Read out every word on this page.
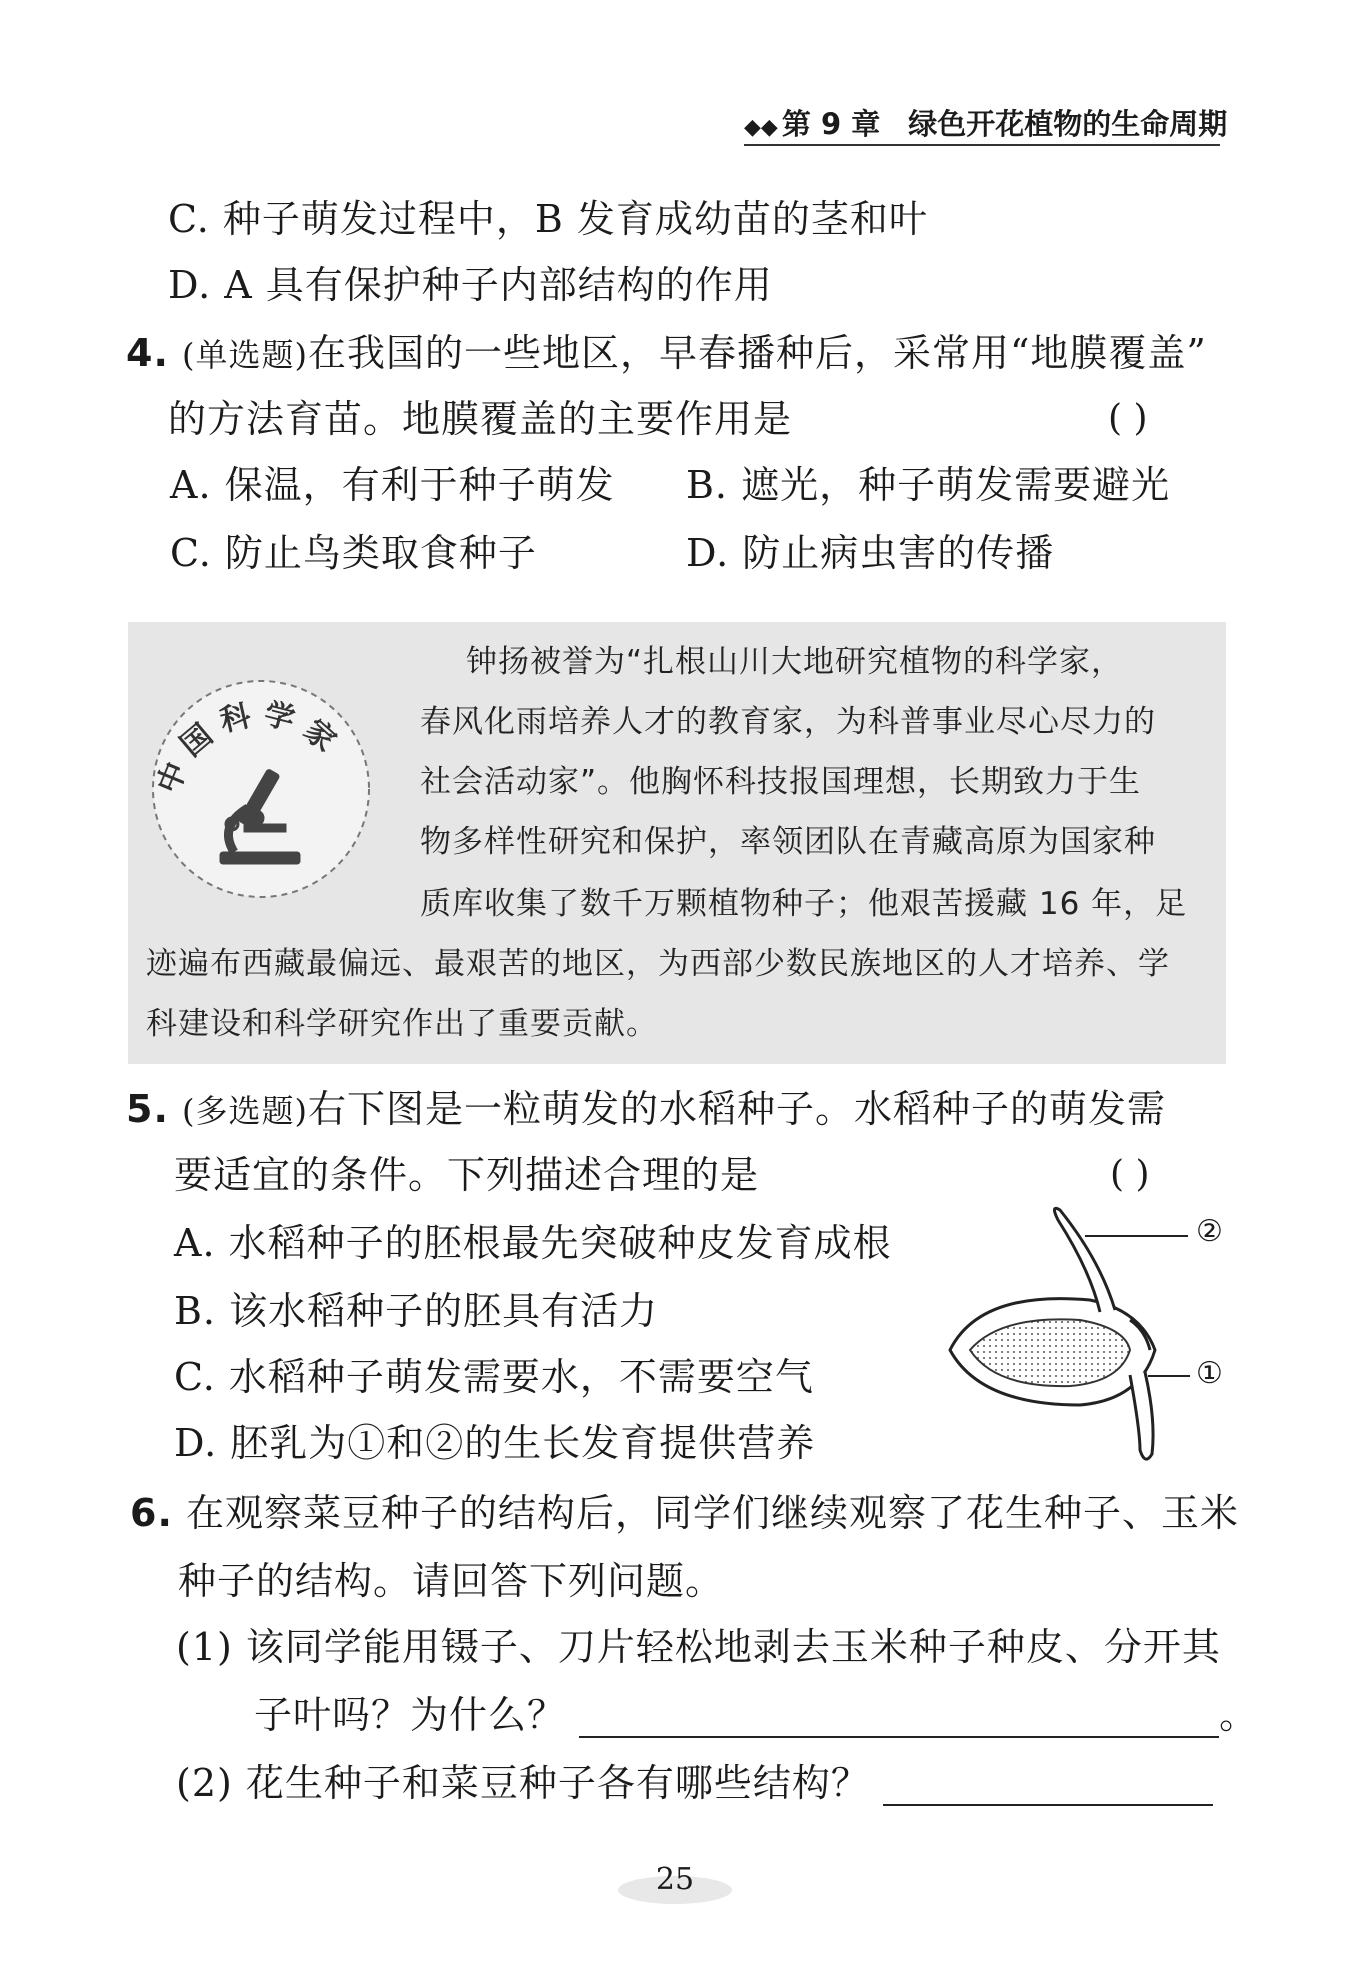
◆◆ 第 9 章 绿色开花植物的生命周期
C. 种子萌发过程中，B 发育成幼苗的茎和叶
D. A 具有保护种子内部结构的作用
4. (单选题)在我国的一些地区，早春播种后，采常用“地膜覆盖”
的方法育苗。地膜覆盖的主要作用是	( )
A. 保温，有利于种子萌发 B. 遮光，种子萌发需要避光
C. 防止鸟类取食种子	D. 防止病虫害的传播
中国科学家
钟扬被誉为“扎根山川大地研究植物的科学家，
春风化雨培养人才的教育家，为科普事业尽心尽力的
社会活动家”。他胸怀科技报国理想，长期致力于生
物多样性研究和保护，率领团队在青藏高原为国家种
质库收集了数千万颗植物种子；他艰苦援藏 16 年，足
迹遍布西藏最偏远、最艰苦的地区，为西部少数民族地区的人才培养、学
科建设和科学研究作出了重要贡献。
5. (多选题)右下图是一粒萌发的水稻种子。水稻种子的萌发需
要适宜的条件。下列描述合理的是	( )
A. 水稻种子的胚根最先突破种皮发育成根
B. 该水稻种子的胚具有活力
C. 水稻种子萌发需要水，不需要空气
D. 胚乳为①和②的生长发育提供营养
②
①
6. 在观察菜豆种子的结构后，同学们继续观察了花生种子、玉米
种子的结构。请回答下列问题。
(1) 该同学能用镊子、刀片轻松地剥去玉米种子种皮、分开其
子叶吗？为什么？	。
(2) 花生种子和菜豆种子各有哪些结构？
25
